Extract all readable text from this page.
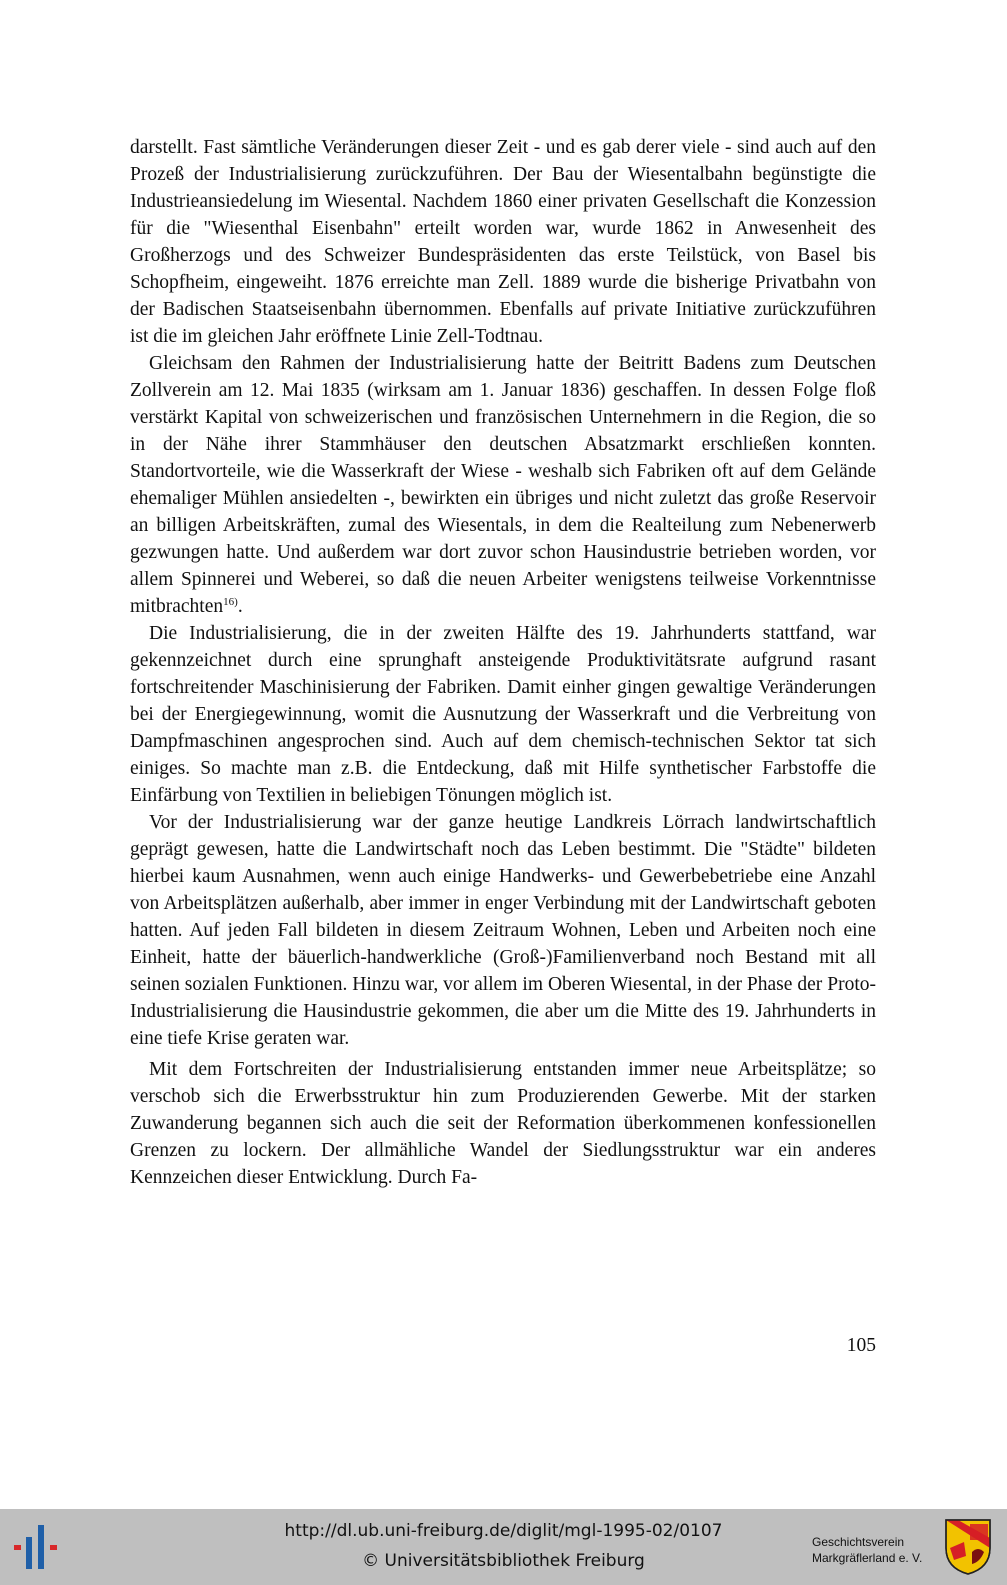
darstellt. Fast sämtliche Veränderungen dieser Zeit - und es gab derer viele - sind auch auf den Prozeß der Industrialisierung zurückzuführen. Der Bau der Wiesentalbahn begünstigte die Industrieansiedelung im Wiesental. Nachdem 1860 einer privaten Gesellschaft die Konzession für die "Wiesenthal Eisenbahn" erteilt worden war, wurde 1862 in Anwesenheit des Großherzogs und des Schweizer Bundespräsidenten das erste Teilstück, von Basel bis Schopfheim, eingeweiht. 1876 erreichte man Zell. 1889 wurde die bisherige Privatbahn von der Badischen Staatseisenbahn übernommen. Ebenfalls auf private Initiative zurückzuführen ist die im gleichen Jahr eröffnete Linie Zell-Todtnau.

Gleichsam den Rahmen der Industrialisierung hatte der Beitritt Badens zum Deutschen Zollverein am 12. Mai 1835 (wirksam am 1. Januar 1836) geschaffen. In dessen Folge floß verstärkt Kapital von schweizerischen und französischen Unternehmern in die Region, die so in der Nähe ihrer Stammhäuser den deutschen Absatzmarkt erschließen konnten. Standortvorteile, wie die Wasserkraft der Wiese - weshalb sich Fabriken oft auf dem Gelände ehemaliger Mühlen ansiedelten -, bewirkten ein übriges und nicht zuletzt das große Reservoir an billigen Arbeitskräften, zumal des Wiesentals, in dem die Realteilung zum Nebenerwerb gezwungen hatte. Und außerdem war dort zuvor schon Hausindustrie betrieben worden, vor allem Spinnerei und Weberei, so daß die neuen Arbeiter wenigstens teilweise Vorkenntnisse mitbrachten$^{16)}$.

Die Industrialisierung, die in der zweiten Hälfte des 19. Jahrhunderts stattfand, war gekennzeichnet durch eine sprunghaft ansteigende Produktivitätsrate aufgrund rasant fortschreitender Maschinisierung der Fabriken. Damit einher gingen gewaltige Veränderungen bei der Energiegewinnung, womit die Ausnutzung der Wasserkraft und die Verbreitung von Dampfmaschinen angesprochen sind. Auch auf dem chemisch-technischen Sektor tat sich einiges. So machte man z.B. die Entdeckung, daß mit Hilfe synthetischer Farbstoffe die Einfärbung von Textilien in beliebigen Tönungen möglich ist.

Vor der Industrialisierung war der ganze heutige Landkreis Lörrach landwirtschaftlich geprägt gewesen, hatte die Landwirtschaft noch das Leben bestimmt. Die "Städte" bildeten hierbei kaum Ausnahmen, wenn auch einige Handwerks- und Gewerbebetriebe eine Anzahl von Arbeitsplätzen außerhalb, aber immer in enger Verbindung mit der Landwirtschaft geboten hatten. Auf jeden Fall bildeten in diesem Zeitraum Wohnen, Leben und Arbeiten noch eine Einheit, hatte der bäuerlich-handwerkliche (Groß-)Familienverband noch Bestand mit all seinen sozialen Funktionen. Hinzu war, vor allem im Oberen Wiesental, in der Phase der Proto-Industrialisierung die Hausindustrie gekommen, die aber um die Mitte des 19. Jahrhunderts in eine tiefe Krise geraten war.

Mit dem Fortschreiten der Industrialisierung entstanden immer neue Arbeitsplätze; so verschob sich die Erwerbsstruktur hin zum Produzierenden Gewerbe. Mit der starken Zuwanderung begannen sich auch die seit der Reformation überkommenen konfessionellen Grenzen zu lockern. Der allmähliche Wandel der Siedlungsstruktur war ein anderes Kennzeichen dieser Entwicklung. Durch Fa-

105
http://dl.ub.uni-freiburg.de/diglit/mgl-1995-02/0107
© Universitätsbibliothek Freiburg
Geschichtsverein
Markgräflerland e. V.
